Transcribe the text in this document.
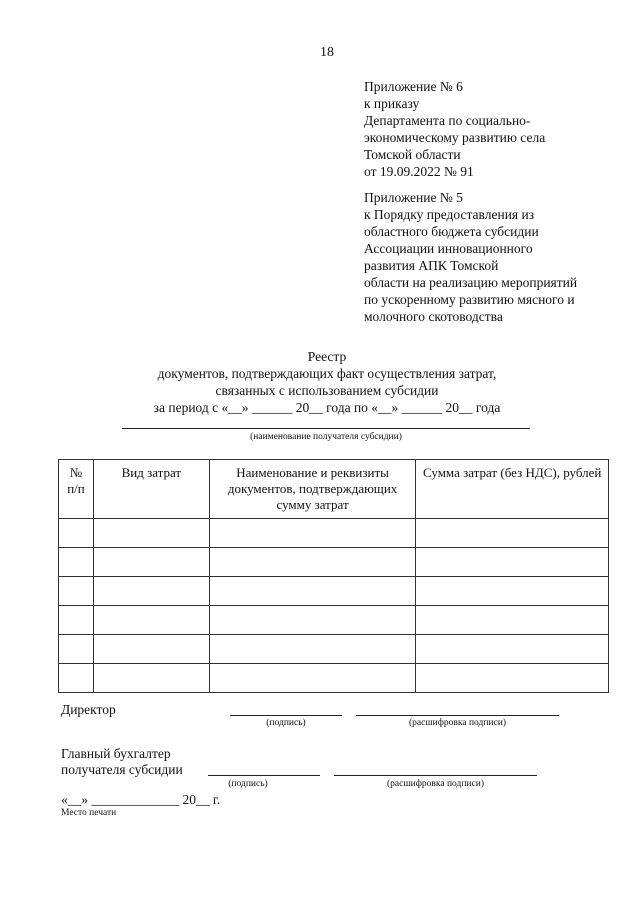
18
Приложение № 6
к приказу
Департамента по социально-
экономическому развитию села
Томской области
от 19.09.2022 № 91
Приложение № 5
к Порядку предоставления из
областного бюджета субсидии
Ассоциации инновационного
развития АПК Томской
области на реализацию мероприятий
по ускоренному развитию мясного и
молочного скотоводства
Реестр
документов, подтверждающих факт осуществления затрат,
связанных с использованием субсидии
за период с «__» ______ 20__ года по «__» ______ 20__ года
(наименование получателя субсидии)
№ п/п	Вид затрат	Наименование и реквизиты документов, подтверждающих сумму затрат	Сумма затрат (без НДС), рублей

Директор
(подпись)	(расшифровка подписи)
Главный бухгалтер
получателя субсидии
(подпись)	(расшифровка подписи)
«__» _____________ 20__ г.
Место печати
